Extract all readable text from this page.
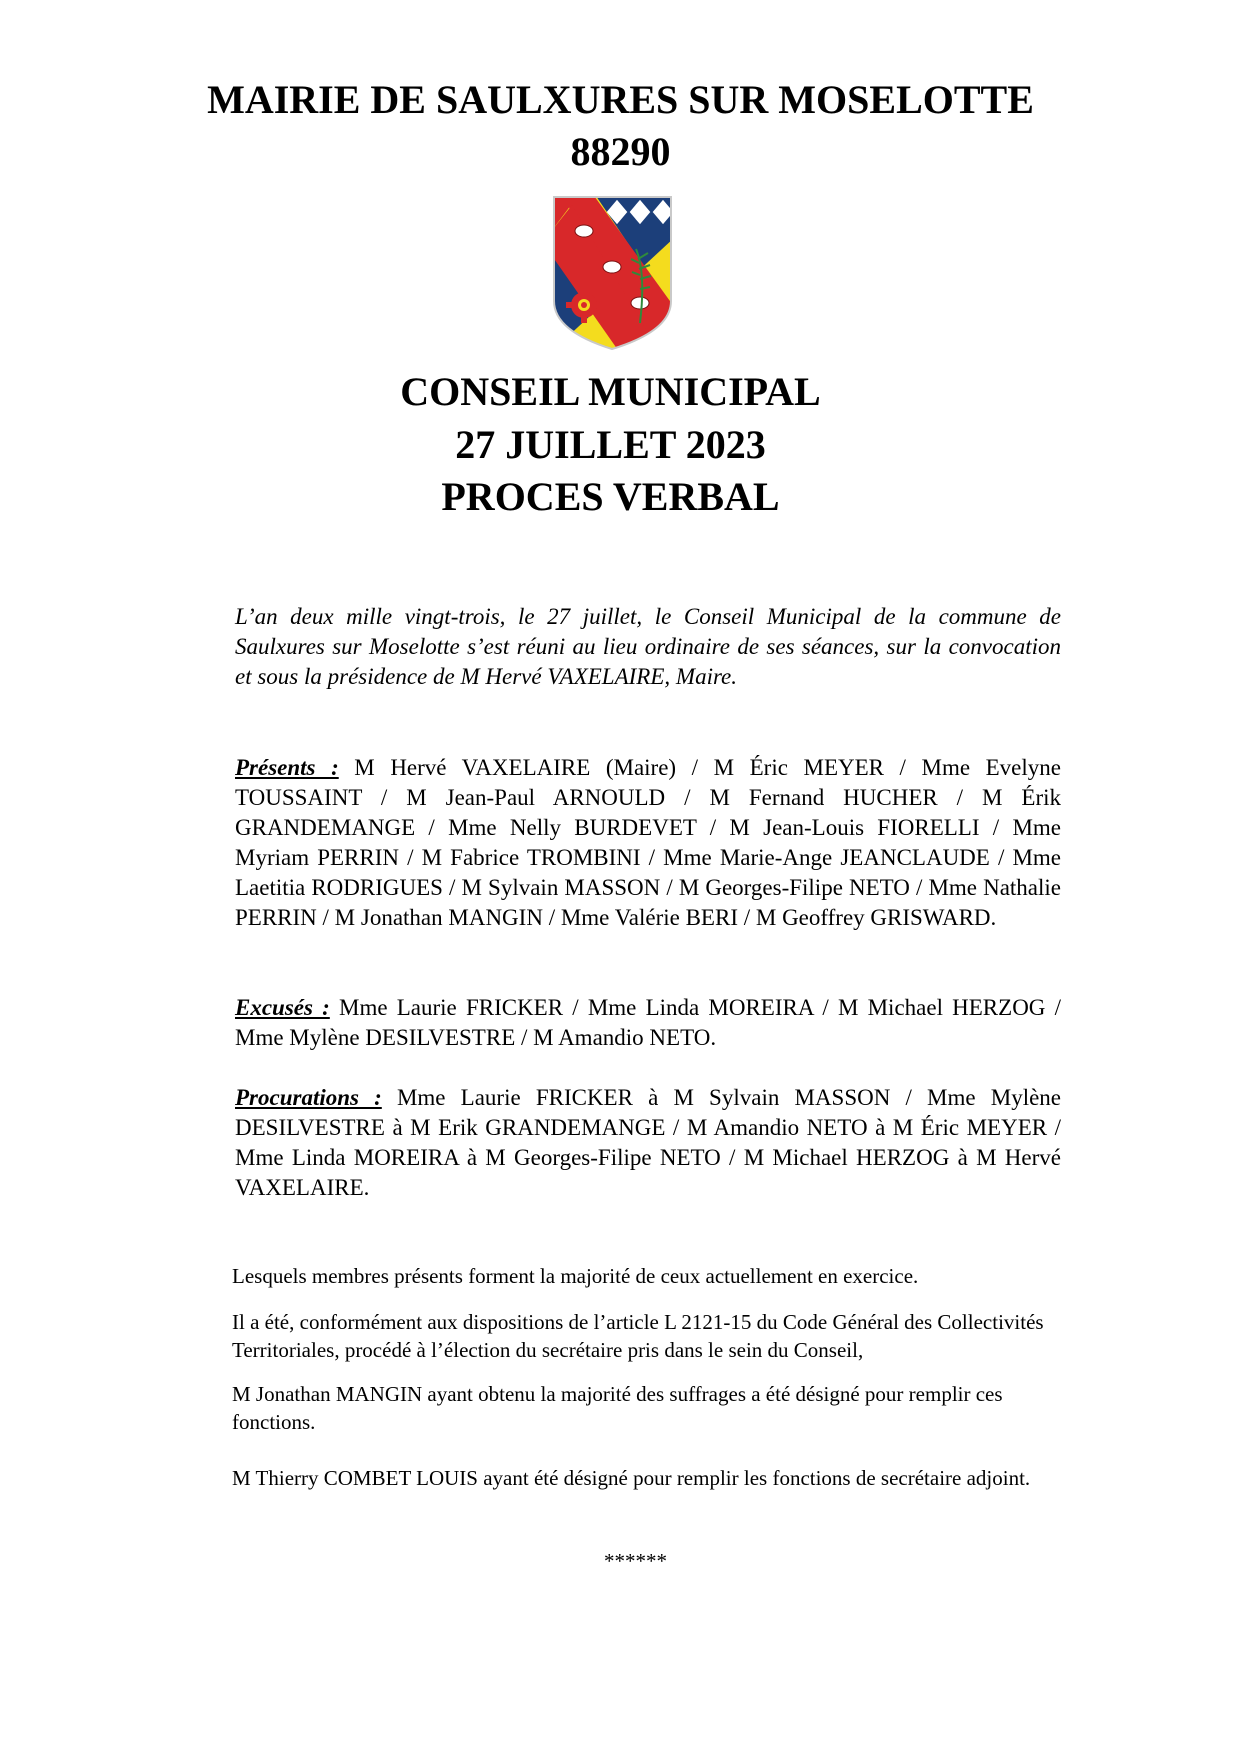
MAIRIE DE SAULXURES SUR MOSELOTTE
88290
CONSEIL MUNICIPAL
27 JUILLET 2023
PROCES VERBAL
L’an deux mille vingt-trois, le 27 juillet, le Conseil Municipal de la commune de Saulxures sur Moselotte s’est réuni au lieu ordinaire de ses séances, sur la convocation et sous la présidence de M Hervé VAXELAIRE, Maire.
Présents : M Hervé VAXELAIRE (Maire) / M Éric MEYER / Mme Evelyne TOUSSAINT / M Jean-Paul ARNOULD / M Fernand HUCHER / M Érik GRANDEMANGE / Mme Nelly BURDEVET / M Jean-Louis FIORELLI / Mme Myriam PERRIN / M Fabrice TROMBINI / Mme Marie-Ange JEANCLAUDE / Mme Laetitia RODRIGUES / M Sylvain MASSON / M Georges-Filipe NETO / Mme Nathalie PERRIN / M Jonathan MANGIN / Mme Valérie BERI / M Geoffrey GRISWARD.
Excusés : Mme Laurie FRICKER / Mme Linda MOREIRA / M Michael HERZOG / Mme Mylène DESILVESTRE / M Amandio NETO.
Procurations : Mme Laurie FRICKER à M Sylvain MASSON / Mme Mylène DESILVESTRE à M Erik GRANDEMANGE / M Amandio NETO à M Éric MEYER / Mme Linda MOREIRA à M Georges-Filipe NETO / M Michael HERZOG à M Hervé VAXELAIRE.
Lesquels membres présents forment la majorité de ceux actuellement en exercice.
Il a été, conformément aux dispositions de l’article L 2121-15 du Code Général des Collectivités Territoriales, procédé à l’élection du secrétaire pris dans le sein du Conseil,
M Jonathan MANGIN ayant obtenu la majorité des suffrages a été désigné pour remplir ces fonctions.
M Thierry COMBET LOUIS ayant été désigné pour remplir les fonctions de secrétaire adjoint.
******
